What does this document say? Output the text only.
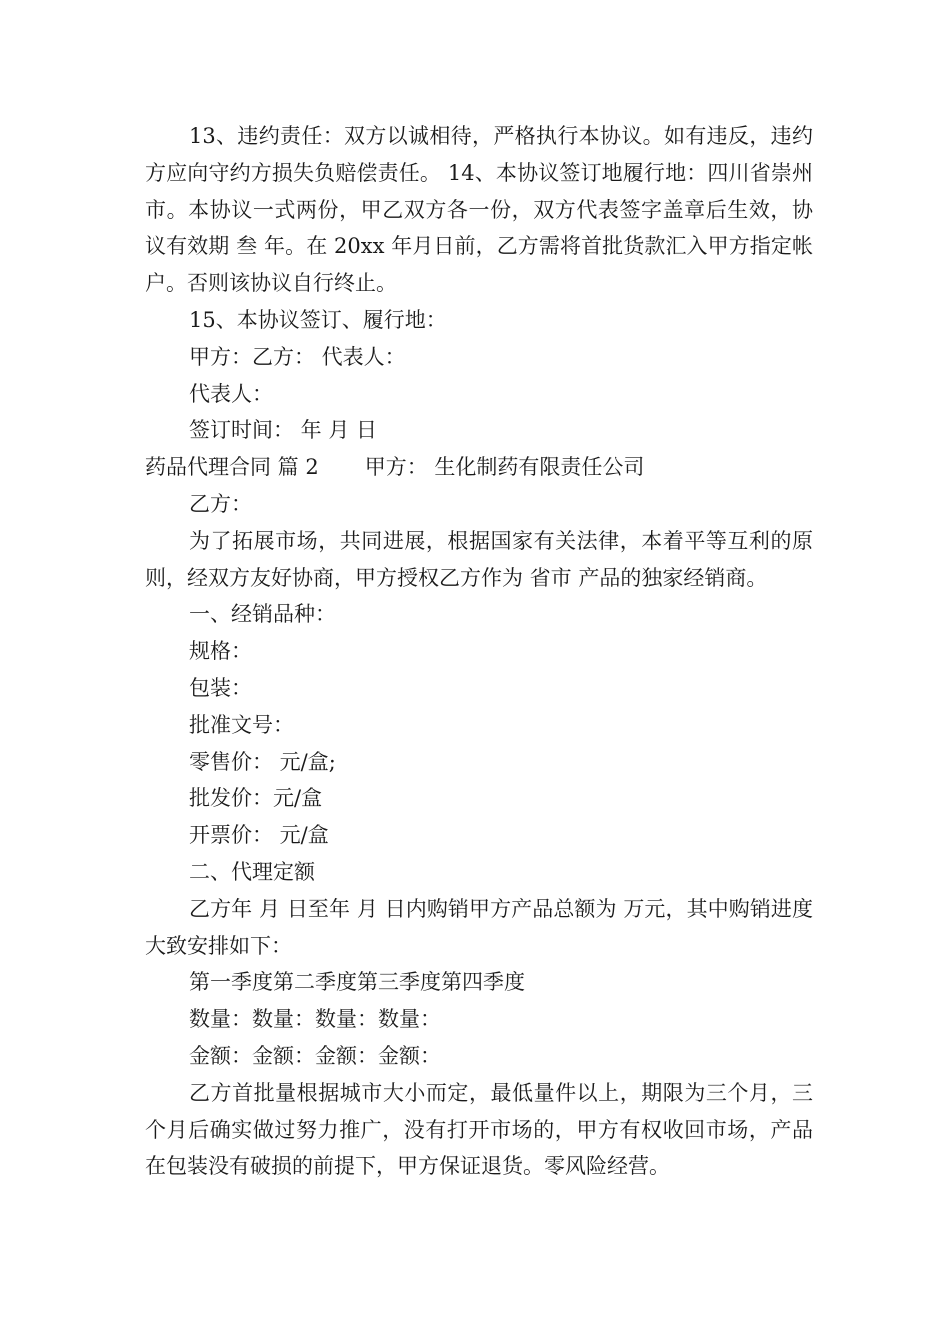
13、违约责任：双方以诚相待，严格执行本协议。如有违反，违约方应向守约方损失负赔偿责任。 14、本协议签订地履行地：四川省崇州市。本协议一式两份，甲乙双方各一份，双方代表签字盖章后生效，协议有效期 叁 年。在 20xx 年月日前，乙方需将首批货款汇入甲方指定帐户。否则该协议自行终止。

15、本协议签订、履行地：

甲方：乙方： 代表人：

代表人：

签订时间： 年 月 日

药品代理合同 篇 2 甲方： 生化制药有限责任公司

乙方：

为了拓展市场，共同进展，根据国家有关法律，本着平等互利的原则，经双方友好协商，甲方授权乙方作为 省市 产品的独家经销商。

一、经销品种：

规格：

包装：

批准文号：

零售价： 元/盒;

批发价：元/盒

开票价： 元/盒

二、代理定额

乙方年 月 日至年 月 日内购销甲方产品总额为 万元，其中购销进度大致安排如下：

第一季度第二季度第三季度第四季度

数量：数量：数量：数量：

金额：金额：金额：金额：

乙方首批量根据城市大小而定，最低量件以上，期限为三个月，三个月后确实做过努力推广，没有打开市场的，甲方有权收回市场，产品在包装没有破损的前提下，甲方保证退货。零风险经营。
